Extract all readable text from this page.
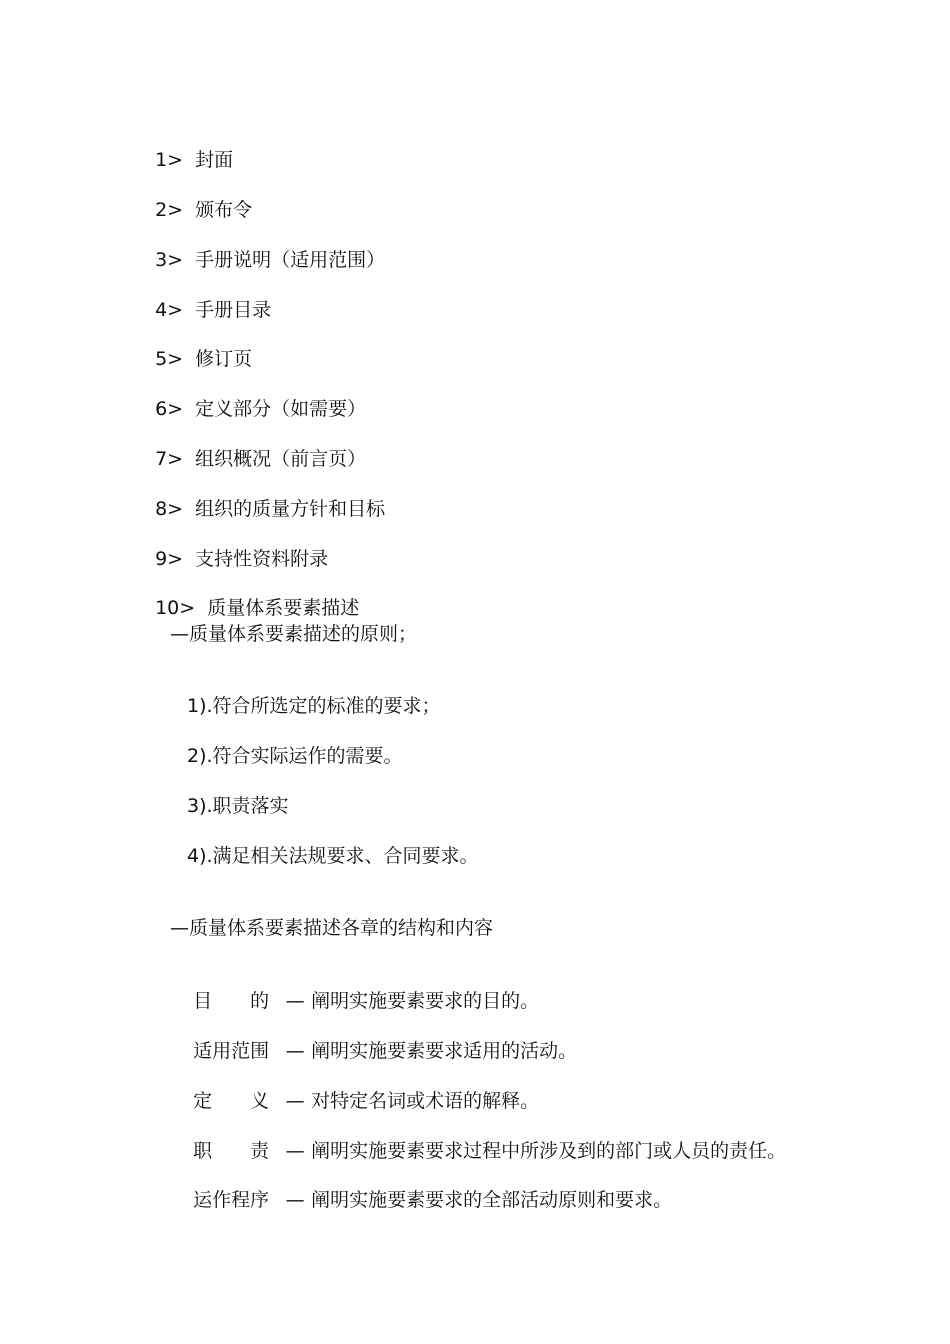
1> 封面

2> 颁布令

3> 手册说明（适用范围）

4> 手册目录

5> 修订页

6> 定义部分（如需要）

7> 组织概况（前言页）

8> 组织的质量方针和目标

9> 支持性资料附录

10> 质量体系要素描述

—质量体系要素描述的原则；
1).符合所选定的标准的要求；
2).符合实际运作的需要。
3).职责落实
4).满足相关法规要求、合同要求。
—质量体系要素描述各章的结构和内容

目　　的 — 阐明实施要素要求的目的。

适用范围 — 阐明实施要素要求适用的活动。

定　　义 — 对特定名词或术语的解释。

职　　责 — 阐明实施要素要求过程中所涉及到的部门或人员的责任。

运作程序 — 阐明实施要素要求的全部活动原则和要求。
